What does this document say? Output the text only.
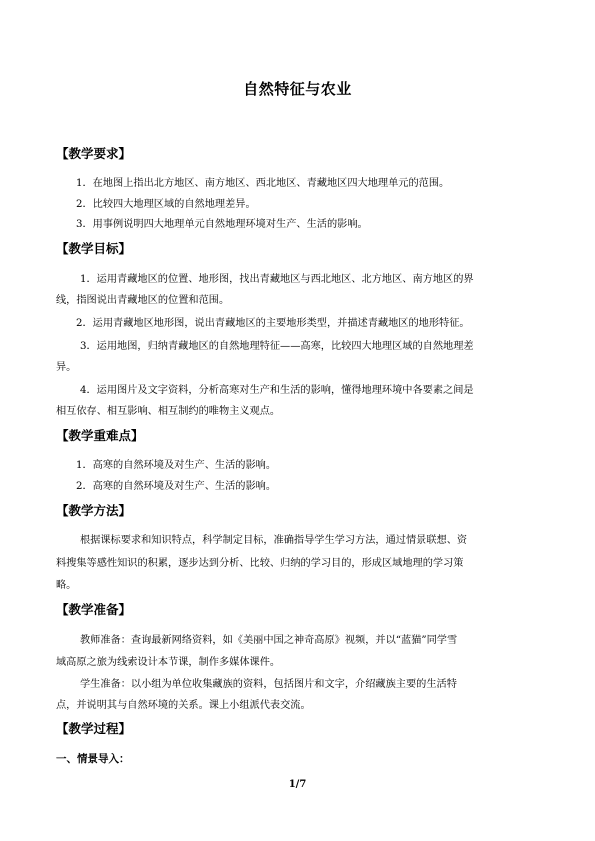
自然特征与农业
【教学要求】
1．在地图上指出北方地区、南方地区、西北地区、青藏地区四大地理单元的范围。
2．比较四大地理区域的自然地理差异。
3．用事例说明四大地理单元自然地理环境对生产、生活的影响。
【教学目标】
1．运用青藏地区的位置、地形图，找出青藏地区与西北地区、北方地区、南方地区的界
线，指图说出青藏地区的位置和范围。
2．运用青藏地区地形图，说出青藏地区的主要地形类型，并描述青藏地区的地形特征。
3．运用地图，归纳青藏地区的自然地理特征——高寒，比较四大地理区域的自然地理差
异。
4．运用图片及文字资料，分析高寒对生产和生活的影响，懂得地理环境中各要素之间是
相互依存、相互影响、相互制约的唯物主义观点。
【教学重难点】
1．高寒的自然环境及对生产、生活的影响。
2．高寒的自然环境及对生产、生活的影响。
【教学方法】
根据课标要求和知识特点，科学制定目标，准确指导学生学习方法，通过情景联想、资
料搜集等感性知识的积累，逐步达到分析、比较、归纳的学习目的，形成区域地理的学习策
略。
【教学准备】
教师准备：查询最新网络资料，如《美丽中国之神奇高原》视频，并以“蓝猫”同学雪
域高原之旅为线索设计本节课，制作多媒体课件。
学生准备：以小组为单位收集藏族的资料，包括图片和文字，介绍藏族主要的生活特
点，并说明其与自然环境的关系。课上小组派代表交流。
【教学过程】
一、情景导入：
1/7
